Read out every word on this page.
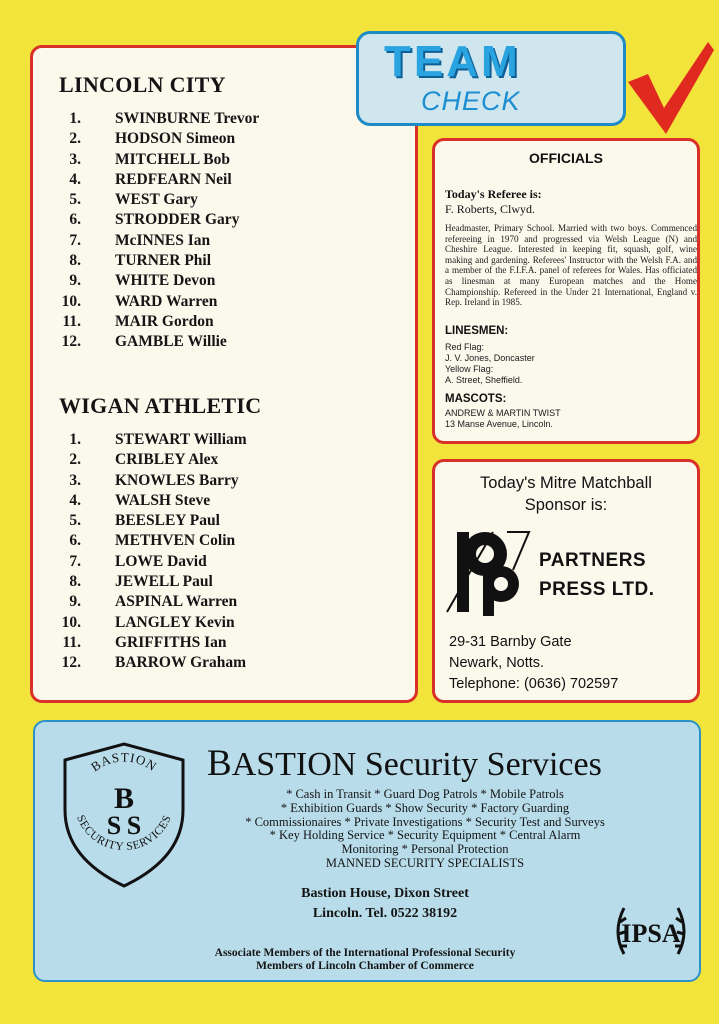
LINCOLN CITY
1. SWINBURNE Trevor
2. HODSON Simeon
3. MITCHELL Bob
4. REDFEARN Neil
5. WEST Gary
6. STRODDER Gary
7. McINNES Ian
8. TURNER Phil
9. WHITE Devon
10. WARD Warren
11. MAIR Gordon
12. GAMBLE Willie
WIGAN ATHLETIC
1. STEWART William
2. CRIBLEY Alex
3. KNOWLES Barry
4. WALSH Steve
5. BEESLEY Paul
6. METHVEN Colin
7. LOWE David
8. JEWELL Paul
9. ASPINAL Warren
10. LANGLEY Kevin
11. GRIFFITHS Ian
12. BARROW Graham
TEAM
CHECK
OFFICIALS
Today's Referee is:
F. Roberts, Clwyd.
Headmaster, Primary School. Married with two boys. Commenced refereeing in 1970 and progressed via Welsh League (N) and Cheshire League. Interested in keeping fit, squash, golf, wine making and gardening. Referees' Instructor with the Welsh F.A. and a member of the F.I.F.A. panel of referees for Wales. Has officiated as linesman at many European matches and the Home Championship. Refereed in the Under 21 International, England v. Rep. Ireland in 1985.
LINESMEN:
Red Flag:
J. V. Jones, Doncaster
Yellow Flag:
A. Street, Sheffield.
MASCOTS:
ANDREW & MARTIN TWIST
13 Manse Avenue, Lincoln.
Today's Mitre Matchball
Sponsor is:
PARTNERS
PRESS LTD.
29-31 Barnby Gate
Newark, Notts.
Telephone: (0636) 702597
BASTION
SECURITY SERVICES
B
S S
BASTION Security Services
* Cash in Transit * Guard Dog Patrols * Mobile Patrols
* Exhibition Guards * Show Security * Factory Guarding
* Commissionaires * Private Investigations * Security Test and Surveys
* Key Holding Service * Security Equipment * Central Alarm
Monitoring * Personal Protection
MANNED SECURITY SPECIALISTS
Bastion House, Dixon Street
Lincoln. Tel. 0522 38192
Associate Members of the International Professional Security
Members of Lincoln Chamber of Commerce
IPSA
